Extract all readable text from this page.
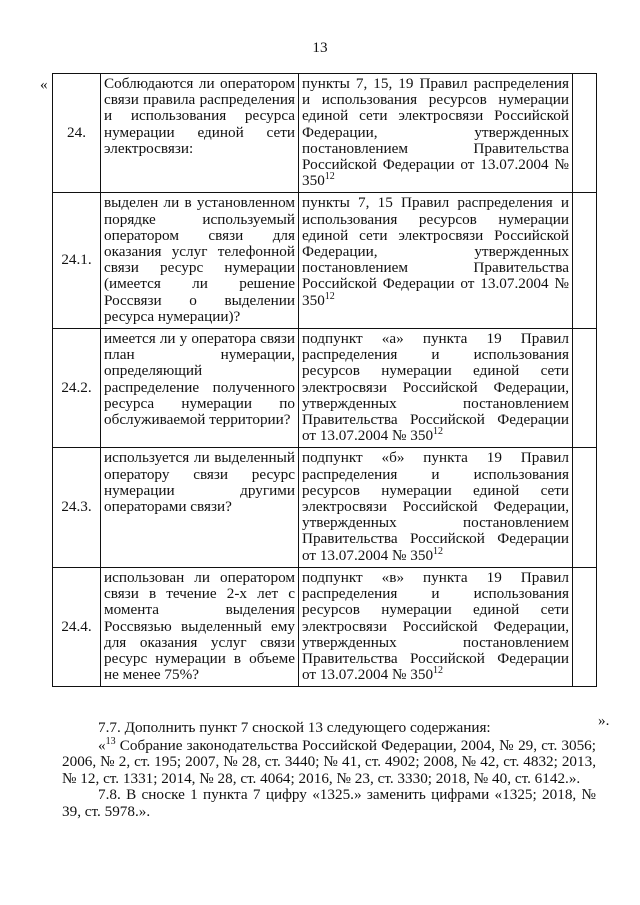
13
«
24.	Соблюдаются ли оператором связи правила распределения и использования ресурса нумерации единой сети электросвязи:	пункты 7, 15, 19 Правил распределения и использования ресурсов нумерации единой сети электросвязи Российской Федерации, утвержденных постановлением Правительства Российской Федерации от 13.07.2004 № $350^{12}$	
24.1.	выделен ли в установленном порядке используемый оператором связи для оказания услуг телефонной связи ресурс нумерации (имеется ли решение Россвязи о выделении ресурса нумерации)?	пункты 7, 15 Правил распределения и использования ресурсов нумерации единой сети электросвязи Российской Федерации, утвержденных постановлением Правительства Российской Федерации от 13.07.2004 № $350^{12}$	
24.2.	имеется ли у оператора связи план нумерации, определяющий распределение полученного ресурса нумерации по обслуживаемой территории?	подпункт «а» пункта 19 Правил распределения и использования ресурсов нумерации единой сети электросвязи Российской Федерации, утвержденных постановлением Правительства Российской Федерации от 13.07.2004 № $350^{12}$	
24.3.	используется ли выделенный оператору связи ресурс нумерации другими операторами связи?	подпункт «б» пункта 19 Правил распределения и использования ресурсов нумерации единой сети электросвязи Российской Федерации, утвержденных постановлением Правительства Российской Федерации от 13.07.2004 № $350^{12}$	
24.4.	использован ли оператором связи в течение 2-х лет с момента выделения Россвязью выделенный ему для оказания услуг связи ресурс нумерации в объеме не менее 75%?	подпункт «в» пункта 19 Правил распределения и использования ресурсов нумерации единой сети электросвязи Российской Федерации, утвержденных постановлением Правительства Российской Федерации от 13.07.2004 № $350^{12}$	
».

7.7. Дополнить пункт 7 сноской 13 следующего содержания:

«$^{13}$ Собрание законодательства Российской Федерации, 2004, № 29, ст. 3056; 2006, № 2, ст. 195; 2007, № 28, ст. 3440; № 41, ст. 4902; 2008, № 42, ст. 4832; 2013, № 12, ст. 1331; 2014, № 28, ст. 4064; 2016, № 23, ст. 3330; 2018, № 40, ст. 6142.».

7.8. В сноске 1 пункта 7 цифру «1325.» заменить цифрами «1325; 2018, № 39, ст. 5978.».
